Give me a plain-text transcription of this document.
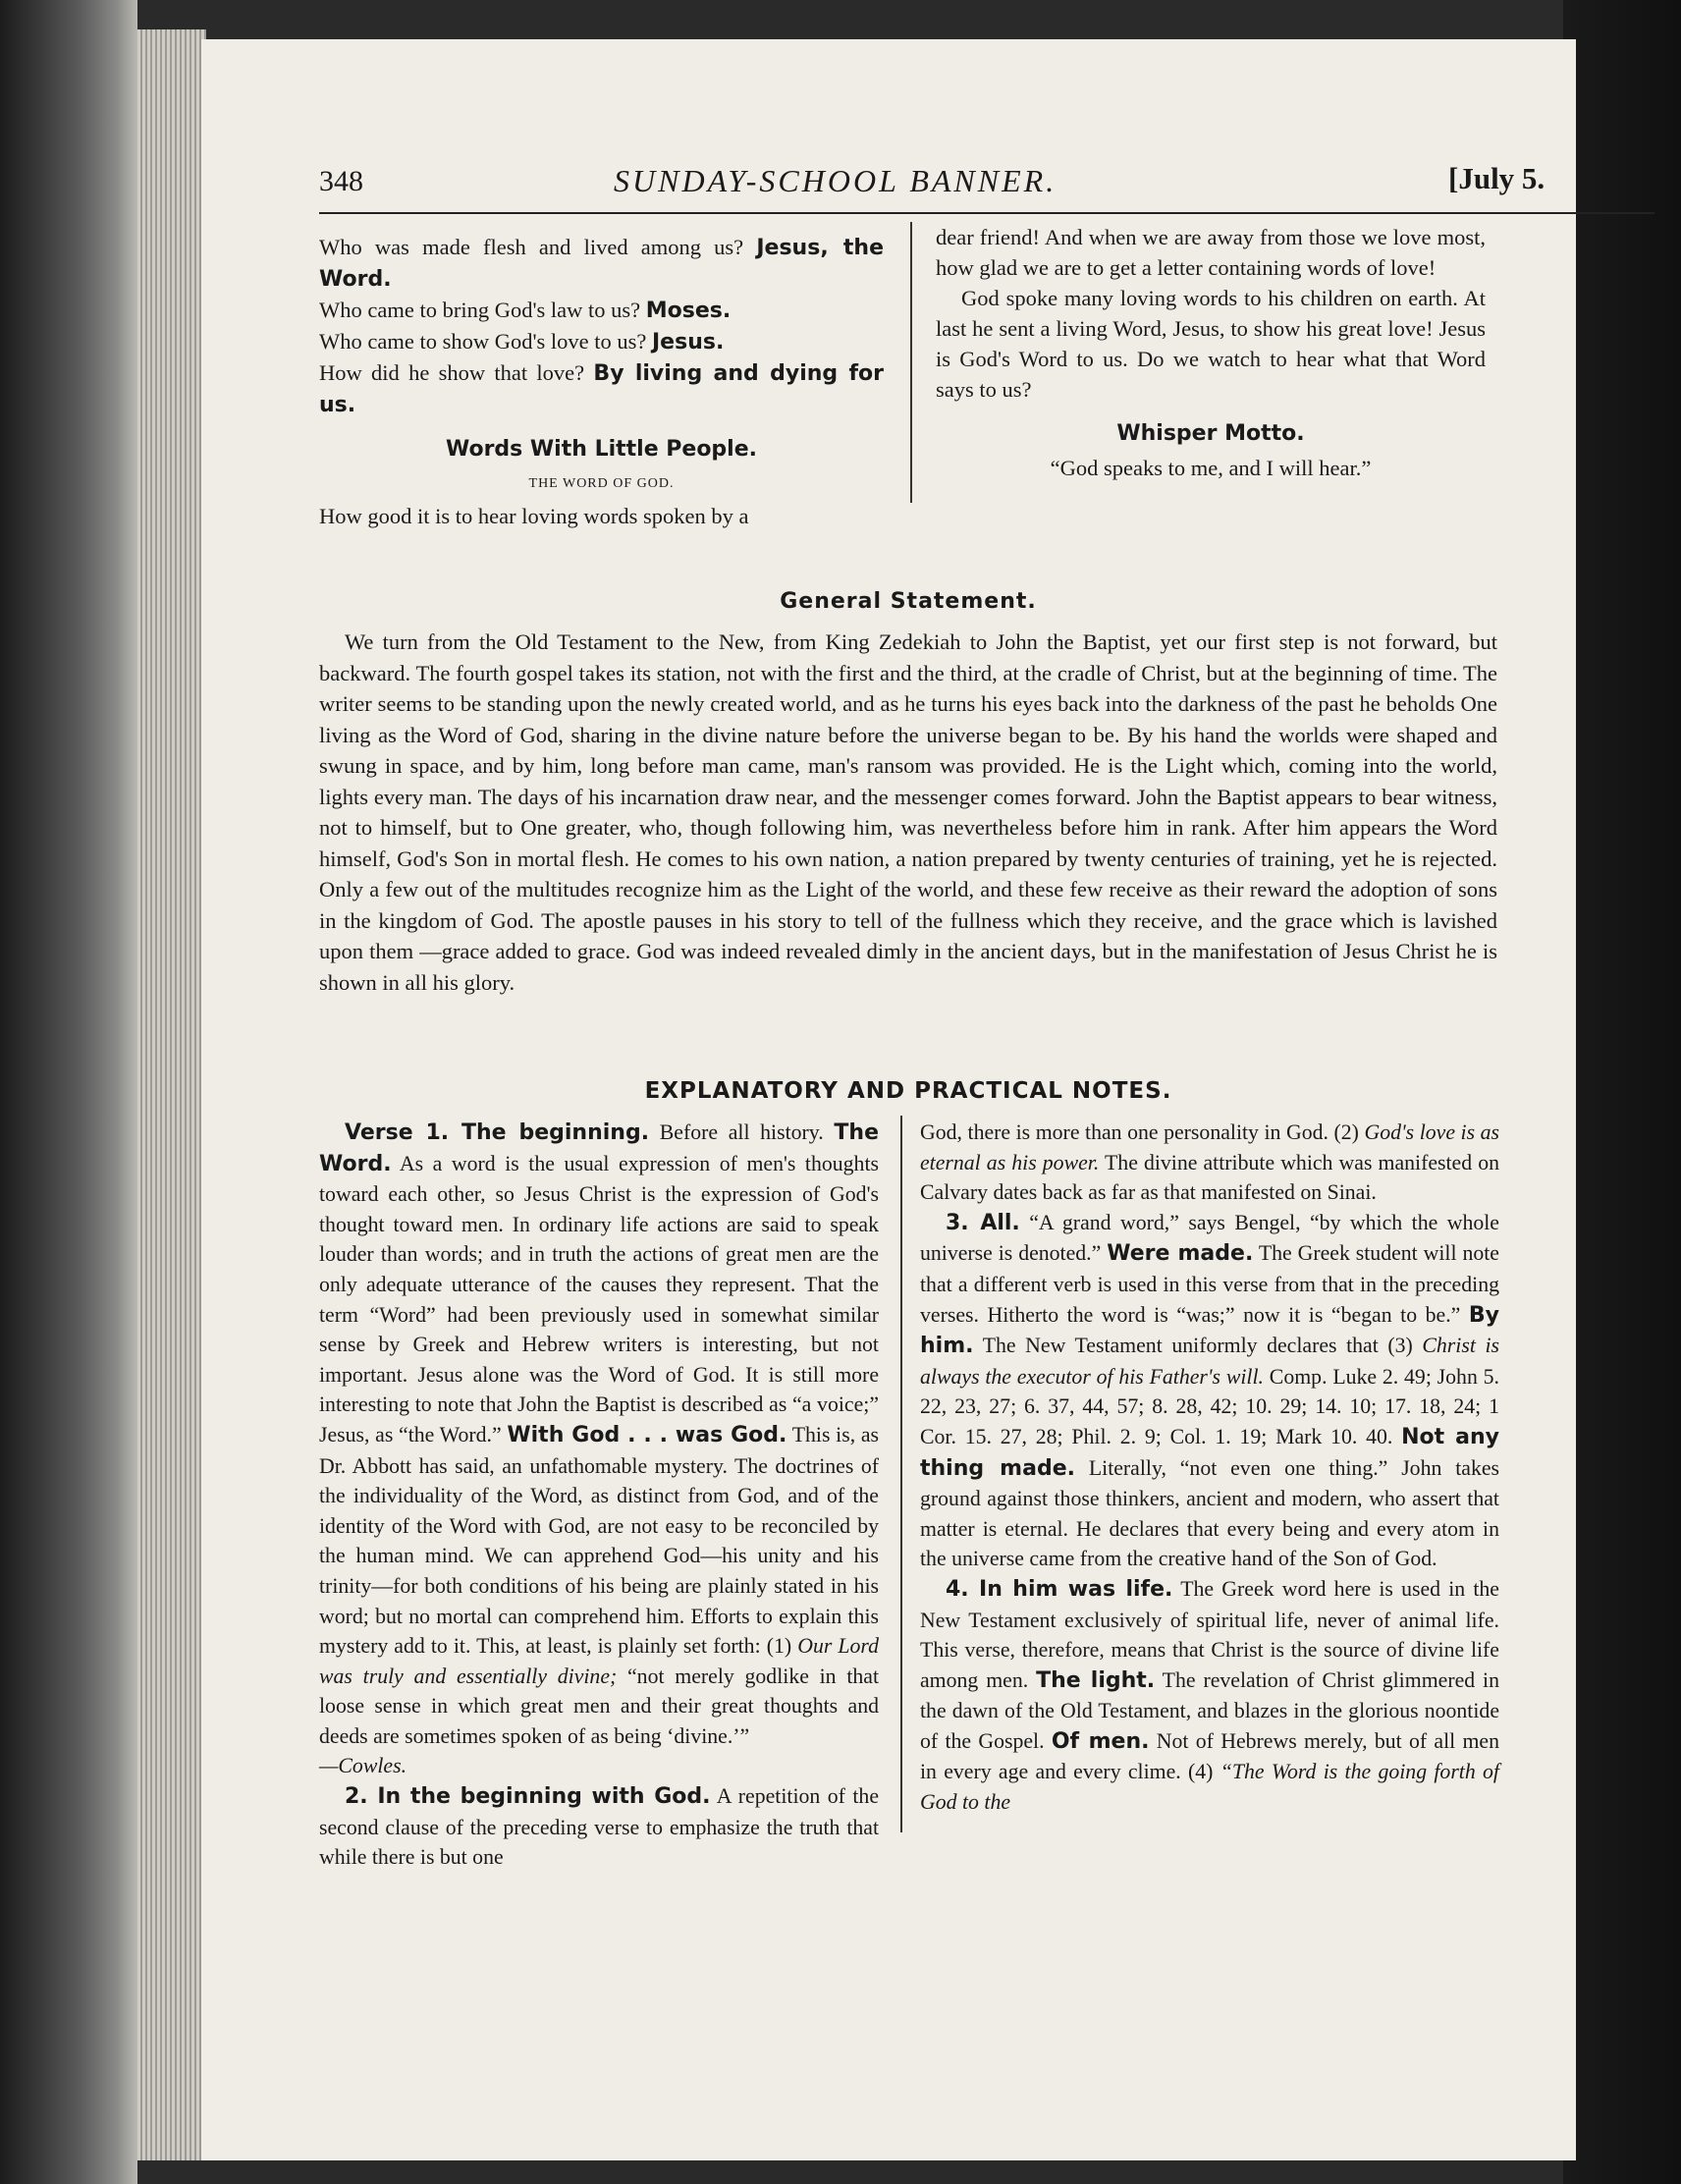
348	SUNDAY-SCHOOL BANNER.	[July 5.

Who was made flesh and lived among us? Jesus, the Word.

Who came to bring God's law to us? Moses.

Who came to show God's love to us? Jesus.

How did he show that love? By living and dying for us.

Words With Little People.
THE WORD OF GOD.

How good it is to hear loving words spoken by a

dear friend! And when we are away from those we love most, how glad we are to get a letter containing words of love!

God spoke many loving words to his children on earth. At last he sent a living Word, Jesus, to show his great love! Jesus is God's Word to us. Do we watch to hear what that Word says to us?

Whisper Motto.

“God speaks to me, and I will hear.”

General Statement.

We turn from the Old Testament to the New, from King Zedekiah to John the Baptist, yet our first step is not forward, but backward. The fourth gospel takes its station, not with the first and the third, at the cradle of Christ, but at the beginning of time. The writer seems to be standing upon the newly created world, and as he turns his eyes back into the darkness of the past he beholds One living as the Word of God, sharing in the divine nature before the universe began to be. By his hand the worlds were shaped and swung in space, and by him, long before man came, man's ransom was provided. He is the Light which, coming into the world, lights every man. The days of his incarnation draw near, and the messenger comes forward. John the Baptist appears to bear witness, not to himself, but to One greater, who, though following him, was nevertheless before him in rank. After him appears the Word himself, God's Son in mortal flesh. He comes to his own nation, a nation prepared by twenty centuries of training, yet he is rejected. Only a few out of the multitudes recognize him as the Light of the world, and these few receive as their reward the adoption of sons in the kingdom of God. The apostle pauses in his story to tell of the fullness which they receive, and the grace which is lavished upon them —grace added to grace. God was indeed revealed dimly in the ancient days, but in the manifestation of Jesus Christ he is shown in all his glory.

EXPLANATORY AND PRACTICAL NOTES.

Verse 1. The beginning. Before all history. The Word. As a word is the usual expression of men's thoughts toward each other, so Jesus Christ is the expression of God's thought toward men. In ordinary life actions are said to speak louder than words; and in truth the actions of great men are the only adequate utterance of the causes they represent. That the term “Word” had been previously used in somewhat similar sense by Greek and Hebrew writers is interesting, but not important. Jesus alone was the Word of God. It is still more interesting to note that John the Baptist is described as “a voice;” Jesus, as “the Word.” With God . . . was God. This is, as Dr. Abbott has said, an unfathomable mystery. The doctrines of the individuality of the Word, as distinct from God, and of the identity of the Word with God, are not easy to be reconciled by the human mind. We can apprehend God—his unity and his trinity—for both conditions of his being are plainly stated in his word; but no mortal can comprehend him. Efforts to explain this mystery add to it. This, at least, is plainly set forth: (1) Our Lord was truly and essentially divine; “not merely godlike in that loose sense in which great men and their great thoughts and deeds are sometimes spoken of as being ‘divine.’”
—Cowles.

2. In the beginning with God. A repetition of the second clause of the preceding verse to emphasize the truth that while there is but one

God, there is more than one personality in God. (2) God's love is as eternal as his power. The divine attribute which was manifested on Calvary dates back as far as that manifested on Sinai.

3. All. “A grand word,” says Bengel, “by which the whole universe is denoted.” Were made. The Greek student will note that a different verb is used in this verse from that in the preceding verses. Hitherto the word is “was;” now it is “began to be.” By him. The New Testament uniformly declares that (3) Christ is always the executor of his Father's will. Comp. Luke 2. 49; John 5. 22, 23, 27; 6. 37, 44, 57; 8. 28, 42; 10. 29; 14. 10; 17. 18, 24; 1 Cor. 15. 27, 28; Phil. 2. 9; Col. 1. 19; Mark 10. 40. Not any thing made. Literally, “not even one thing.” John takes ground against those thinkers, ancient and modern, who assert that matter is eternal. He declares that every being and every atom in the universe came from the creative hand of the Son of God.

4. In him was life. The Greek word here is used in the New Testament exclusively of spiritual life, never of animal life. This verse, therefore, means that Christ is the source of divine life among men. The light. The revelation of Christ glimmered in the dawn of the Old Testament, and blazes in the glorious noontide of the Gospel. Of men. Not of Hebrews merely, but of all men in every age and every clime. (4) “The Word is the going forth of God to the
